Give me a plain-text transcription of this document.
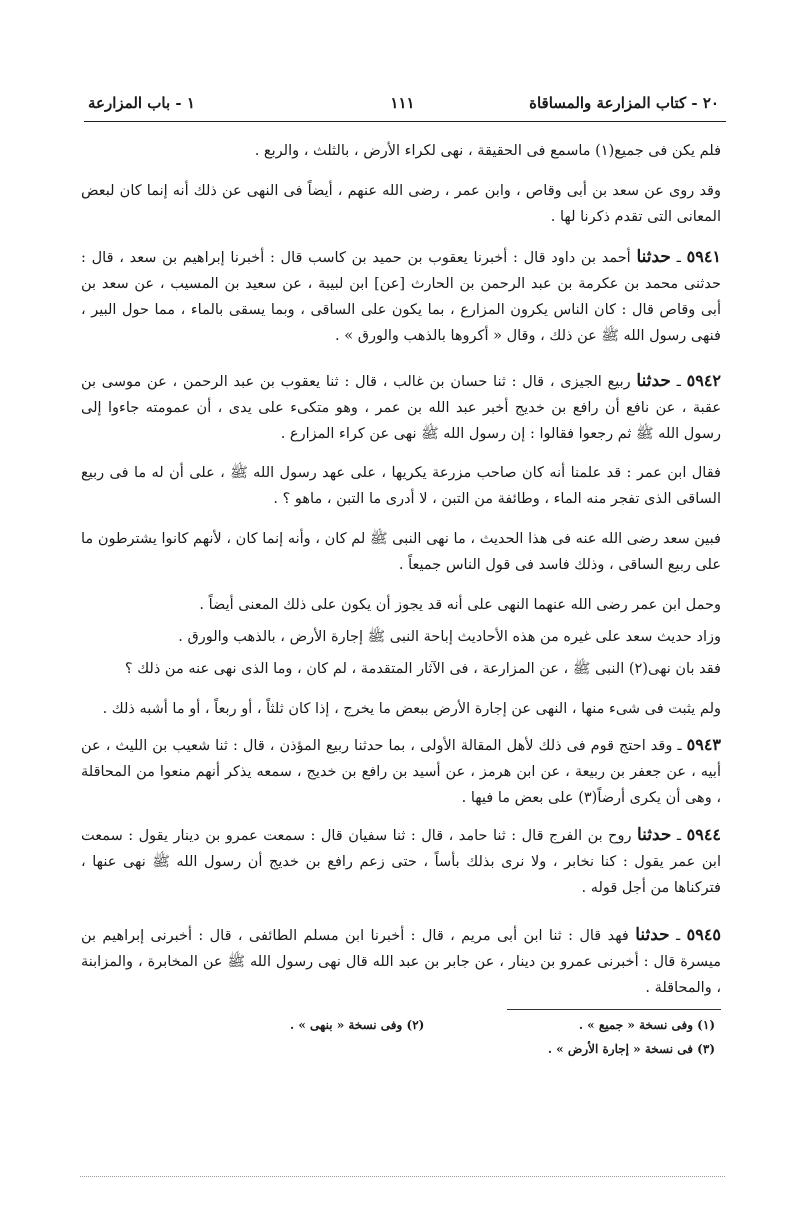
٢٠ - كتاب المزارعة والمساقاة
١١١
١ - باب المزارعة

فلم يكن فى جميع(١) ماسمع فى الحقيقة ، نهى لكراء الأرض ، بالثلث ، والربع .

وقد روى عن سعد بن أبى وقاص ، وابن عمر ، رضى الله عنهم ، أيضاً فى النهى عن ذلك أنه إنما كان لبعض المعانى التى تقدم ذكرنا لها .

٥٩٤١ ـ حدثنا أحمد بن داود قال : أخبرنا يعقوب بن حميد بن كاسب قال : أخبرنا إبراهيم بن سعد ، قال : حدثنى محمد بن عكرمة بن عبد الرحمن بن الحارث [عن] ابن لبيبة ، عن سعيد بن المسيب ، عن سعد بن أبى وقاص قال : كان الناس يكرون المزارع ، بما يكون على الساقى ، وبما يسقى بالماء ، مما حول البير ، فنهى رسول الله ﷺ عن ذلك ، وقال « أكروها بالذهب والورق » .

٥٩٤٢ ـ حدثنا ربيع الجيزى ، قال : ثنا حسان بن غالب ، قال : ثنا يعقوب بن عبد الرحمن ، عن موسى بن عقبة ، عن نافع أن رافع بن خديج أخبر عبد الله بن عمر ، وهو متكىء على يدى ، أن عمومته جاءوا إلى رسول الله ﷺ ثم رجعوا فقالوا : إن رسول الله ﷺ نهى عن كراء المزارع .

فقال ابن عمر : قد علمنا أنه كان صاحب مزرعة يكريها ، على عهد رسول الله ﷺ ، على أن له ما فى ربيع الساقى الذى تفجر منه الماء ، وطائفة من التبن ، لا أدرى ما التبن ، ماهو ؟ .

فبين سعد رضى الله عنه فى هذا الحديث ، ما نهى النبى ﷺ لم كان ، وأنه إنما كان ، لأنهم كانوا يشترطون ما على ربيع الساقى ، وذلك فاسد فى قول الناس جميعاً .

وحمل ابن عمر رضى الله عنهما النهى على أنه قد يجوز أن يكون على ذلك المعنى أيضاً .

وزاد حديث سعد على غيره من هذه الأحاديث إباحة النبى ﷺ إجارة الأرض ، بالذهب والورق .

فقد بان نهى(٢) النبى ﷺ ، عن المزارعة ، فى الآثار المتقدمة ، لم كان ، وما الذى نهى عنه من ذلك ؟

ولم يثبت فى شىء منها ، النهى عن إجارة الأرض ببعض ما يخرج ، إذا كان ثلثاً ، أو ربعاً ، أو ما أشبه ذلك .

٥٩٤٣ ـ وقد احتج قوم فى ذلك لأهل المقالة الأولى ، بما حدثنا ربيع المؤذن ، قال : ثنا شعيب بن الليث ، عن أبيه ، عن جعفر بن ربيعة ، عن ابن هرمز ، عن أسيد بن رافع بن خديج ، سمعه يذكر أنهم منعوا من المحاقلة ، وهى أن يكرى أرضاً(٣) على بعض ما فيها .

٥٩٤٤ ـ حدثنا روح بن الفرج قال : ثنا حامد ، قال : ثنا سفيان قال : سمعت عمرو بن دينار يقول : سمعت ابن عمر يقول : كنا نخابر ، ولا نرى بذلك بأساً ، حتى زعم رافع بن خديج أن رسول الله ﷺ نهى عنها ، فتركناها من أجل قوله .

٥٩٤٥ ـ حدثنا فهد قال : ثنا ابن أبى مريم ، قال : أخبرنا ابن مسلم الطائفى ، قال : أخبرنى إبراهيم بن ميسرة قال : أخبرنى عمرو بن دينار ، عن جابر بن عبد الله قال نهى رسول الله ﷺ عن المخابرة ، والمزابنة ، والمحاقلة .

(١) وفى نسخة « جميع » .
(٢) وفى نسخة « بنهى » .
(٣) فى نسخة « إجارة الأرض » .
